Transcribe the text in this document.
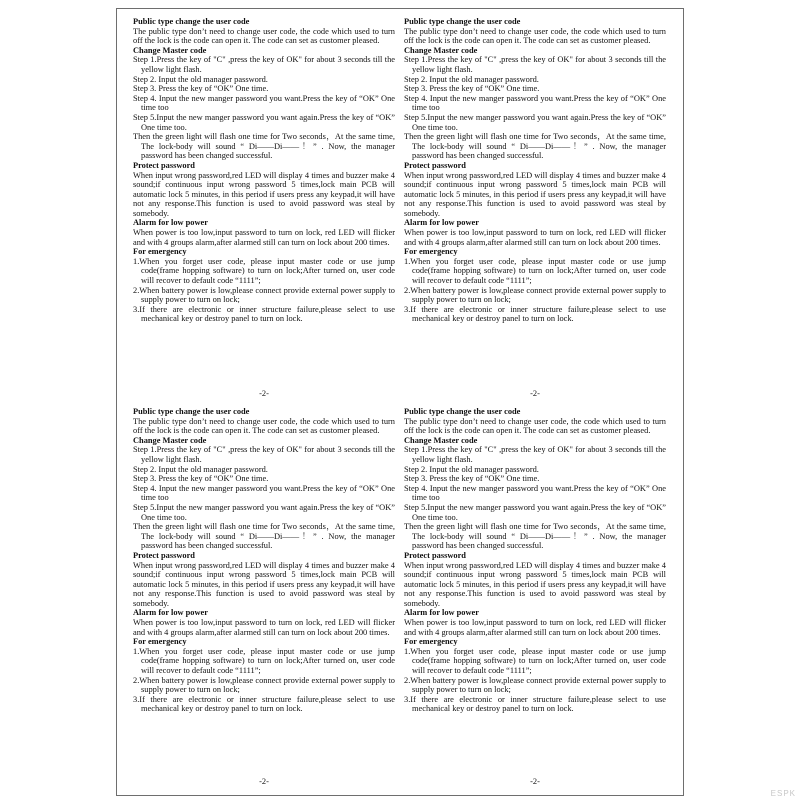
Public type change the user code

The public type don’t need to change user code, the code which used to turn off the lock is the code can open it. The code can set as customer pleased.

Change Master code

Step 1.Press the key of "C" ,press the key of OK" for about 3 seconds till the yellow light flash.

Step 2. Input the old manager password.

Step 3. Press the key of “OK” One time.

Step 4. Input the new manger password you want.Press the key of “OK” One time too

Step 5.Input the new manger password you want again.Press the key of “OK” One time too.

Then the green light will flash one time for Two seconds，At the same time, The lock-body will sound “ Di——Di——！” . Now, the manager password has been changed successful.

Protect password

When input wrong password,red LED will display 4 times and buzzer make 4 sound;if continuous input wrong password 5 times,lock main PCB will automatic lock 5 minutes, in this period if users press any keypad,it will have not any response.This function is used to avoid password was steal by somebody.

Alarm for low power

When power is too low,input password to turn on lock, red LED will flicker and with 4 groups alarm,after alarmed still can turn on lock about 200 times.

For emergency

1.When you forget user code, please input master code or use jump code(frame hopping software) to turn on lock;After turned on, user code will recover to default code “1111”;

2.When battery power is low,please connect provide external power supply to supply power to turn on lock;

3.If there are electronic or inner structure failure,please select to use mechanical key or destroy panel to turn on lock.

-2-

Public type change the user code

The public type don’t need to change user code, the code which used to turn off the lock is the code can open it. The code can set as customer pleased.

Change Master code

Step 1.Press the key of "C" ,press the key of OK" for about 3 seconds till the yellow light flash.

Step 2. Input the old manager password.

Step 3. Press the key of “OK” One time.

Step 4. Input the new manger password you want.Press the key of “OK” One time too

Step 5.Input the new manger password you want again.Press the key of “OK” One time too.

Then the green light will flash one time for Two seconds，At the same time, The lock-body will sound “ Di——Di——！” . Now, the manager password has been changed successful.

Protect password

When input wrong password,red LED will display 4 times and buzzer make 4 sound;if continuous input wrong password 5 times,lock main PCB will automatic lock 5 minutes, in this period if users press any keypad,it will have not any response.This function is used to avoid password was steal by somebody.

Alarm for low power

When power is too low,input password to turn on lock, red LED will flicker and with 4 groups alarm,after alarmed still can turn on lock about 200 times.

For emergency

1.When you forget user code, please input master code or use jump code(frame hopping software) to turn on lock;After turned on, user code will recover to default code “1111”;

2.When battery power is low,please connect provide external power supply to supply power to turn on lock;

3.If there are electronic or inner structure failure,please select to use mechanical key or destroy panel to turn on lock.

-2-

Public type change the user code

The public type don’t need to change user code, the code which used to turn off the lock is the code can open it. The code can set as customer pleased.

Change Master code

Step 1.Press the key of "C" ,press the key of OK" for about 3 seconds till the yellow light flash.

Step 2. Input the old manager password.

Step 3. Press the key of “OK” One time.

Step 4. Input the new manger password you want.Press the key of “OK” One time too

Step 5.Input the new manger password you want again.Press the key of “OK” One time too.

Then the green light will flash one time for Two seconds，At the same time, The lock-body will sound “ Di——Di——！” . Now, the manager password has been changed successful.

Protect password

When input wrong password,red LED will display 4 times and buzzer make 4 sound;if continuous input wrong password 5 times,lock main PCB will automatic lock 5 minutes, in this period if users press any keypad,it will have not any response.This function is used to avoid password was steal by somebody.

Alarm for low power

When power is too low,input password to turn on lock, red LED will flicker and with 4 groups alarm,after alarmed still can turn on lock about 200 times.

For emergency

1.When you forget user code, please input master code or use jump code(frame hopping software) to turn on lock;After turned on, user code will recover to default code “1111”;

2.When battery power is low,please connect provide external power supply to supply power to turn on lock;

3.If there are electronic or inner structure failure,please select to use mechanical key or destroy panel to turn on lock.

-2-

Public type change the user code

The public type don’t need to change user code, the code which used to turn off the lock is the code can open it. The code can set as customer pleased.

Change Master code

Step 1.Press the key of "C" ,press the key of OK" for about 3 seconds till the yellow light flash.

Step 2. Input the old manager password.

Step 3. Press the key of “OK” One time.

Step 4. Input the new manger password you want.Press the key of “OK” One time too

Step 5.Input the new manger password you want again.Press the key of “OK” One time too.

Then the green light will flash one time for Two seconds，At the same time, The lock-body will sound “ Di——Di——！” . Now, the manager password has been changed successful.

Protect password

When input wrong password,red LED will display 4 times and buzzer make 4 sound;if continuous input wrong password 5 times,lock main PCB will automatic lock 5 minutes, in this period if users press any keypad,it will have not any response.This function is used to avoid password was steal by somebody.

Alarm for low power

When power is too low,input password to turn on lock, red LED will flicker and with 4 groups alarm,after alarmed still can turn on lock about 200 times.

For emergency

1.When you forget user code, please input master code or use jump code(frame hopping software) to turn on lock;After turned on, user code will recover to default code “1111”;

2.When battery power is low,please connect provide external power supply to supply power to turn on lock;

3.If there are electronic or inner structure failure,please select to use mechanical key or destroy panel to turn on lock.

-2-
ESPK
